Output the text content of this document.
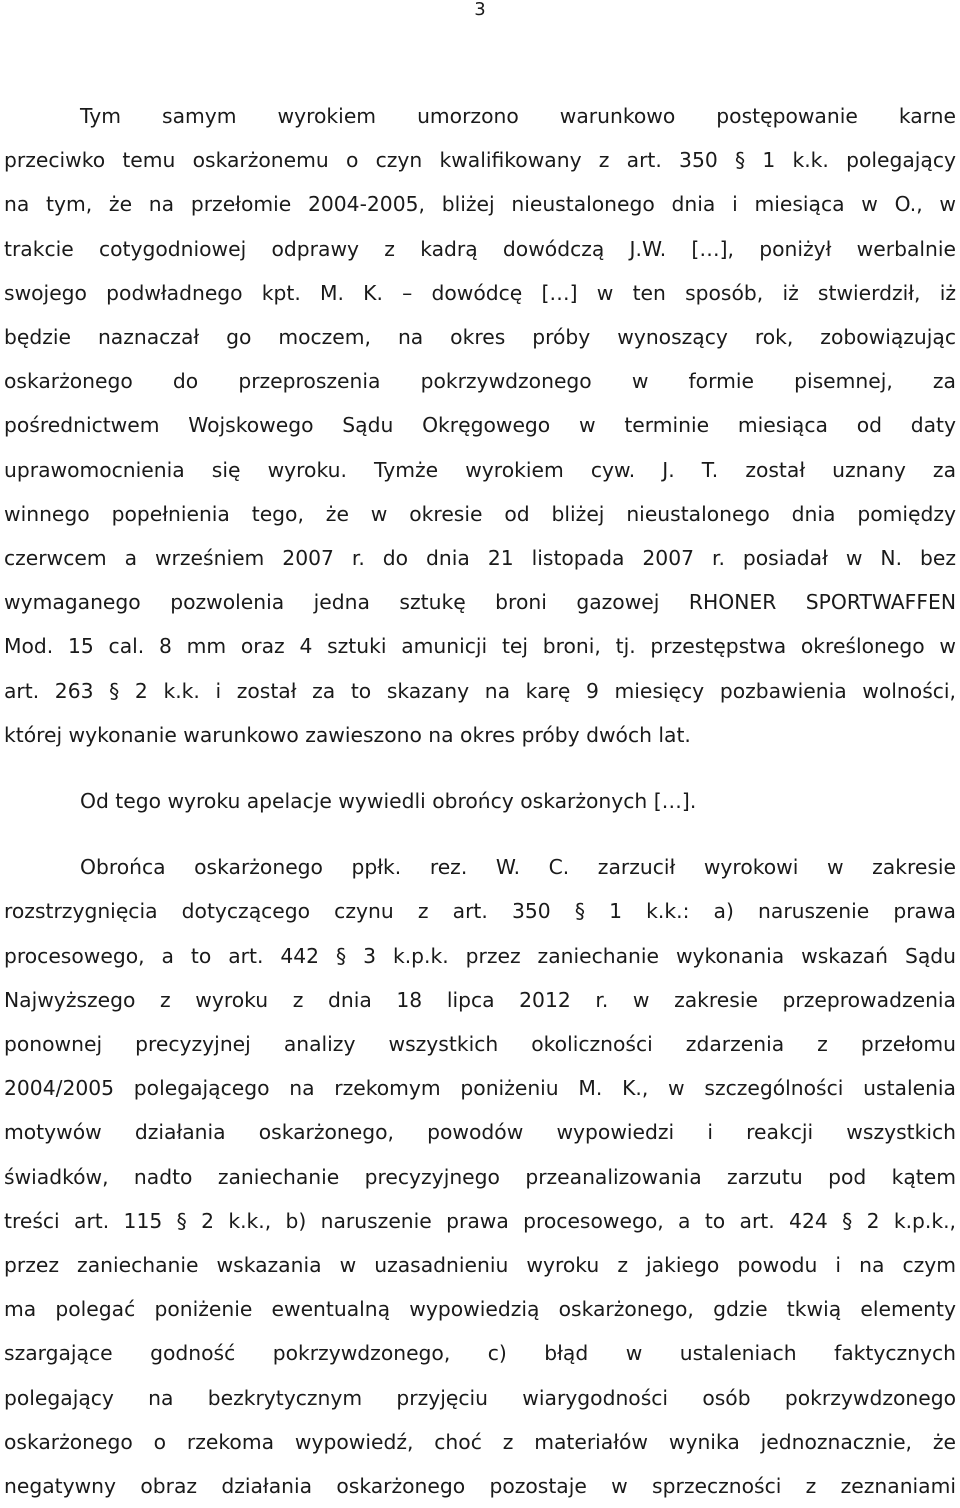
3
Tym samym wyrokiem umorzono warunkowo postępowanie karne
przeciwko temu oskarżonemu o czyn kwalifikowany z art. 350 § 1 k.k. polegający
na tym, że na przełomie 2004-2005, bliżej nieustalonego dnia i miesiąca w O., w
trakcie cotygodniowej odprawy z kadrą dowódczą J.W. […], poniżył werbalnie
swojego podwładnego kpt. M. K. – dowódcę […] w ten sposób, iż stwierdził, iż
będzie naznaczał go moczem, na okres próby wynoszący rok, zobowiązując
oskarżonego do przeproszenia pokrzywdzonego w formie pisemnej, za
pośrednictwem Wojskowego Sądu Okręgowego w terminie miesiąca od daty
uprawomocnienia się wyroku. Tymże wyrokiem cyw. J. T. został uznany za
winnego popełnienia tego, że w okresie od bliżej nieustalonego dnia pomiędzy
czerwcem a wrześniem 2007 r. do dnia 21 listopada 2007 r. posiadał w N. bez
wymaganego pozwolenia jedna sztukę broni gazowej RHONER SPORTWAFFEN
Mod. 15 cal. 8 mm oraz 4 sztuki amunicji tej broni, tj. przestępstwa określonego w
art. 263 § 2 k.k. i został za to skazany na karę 9 miesięcy pozbawienia wolności,
której wykonanie warunkowo zawieszono na okres próby dwóch lat.
Od tego wyroku apelacje wywiedli obrońcy oskarżonych […].
Obrońca oskarżonego ppłk. rez. W. C. zarzucił wyrokowi w zakresie
rozstrzygnięcia dotyczącego czynu z art. 350 § 1 k.k.: a) naruszenie prawa
procesowego, a to art. 442 § 3 k.p.k. przez zaniechanie wykonania wskazań Sądu
Najwyższego z wyroku z dnia 18 lipca 2012 r. w zakresie przeprowadzenia
ponownej precyzyjnej analizy wszystkich okoliczności zdarzenia z przełomu
2004/2005 polegającego na rzekomym poniżeniu M. K., w szczególności ustalenia
motywów działania oskarżonego, powodów wypowiedzi i reakcji wszystkich
świadków, nadto zaniechanie precyzyjnego przeanalizowania zarzutu pod kątem
treści art. 115 § 2 k.k., b) naruszenie prawa procesowego, a to art. 424 § 2 k.p.k.,
przez zaniechanie wskazania w uzasadnieniu wyroku z jakiego powodu i na czym
ma polegać poniżenie ewentualną wypowiedzią oskarżonego, gdzie tkwią elementy
szargające godność pokrzywdzonego, c) błąd w ustaleniach faktycznych
polegający na bezkrytycznym przyjęciu wiarygodności osób pokrzywdzonego
oskarżonego o rzekoma wypowiedź, choć z materiałów wynika jednoznacznie, że
negatywny obraz działania oskarżonego pozostaje w sprzeczności z zeznaniami
